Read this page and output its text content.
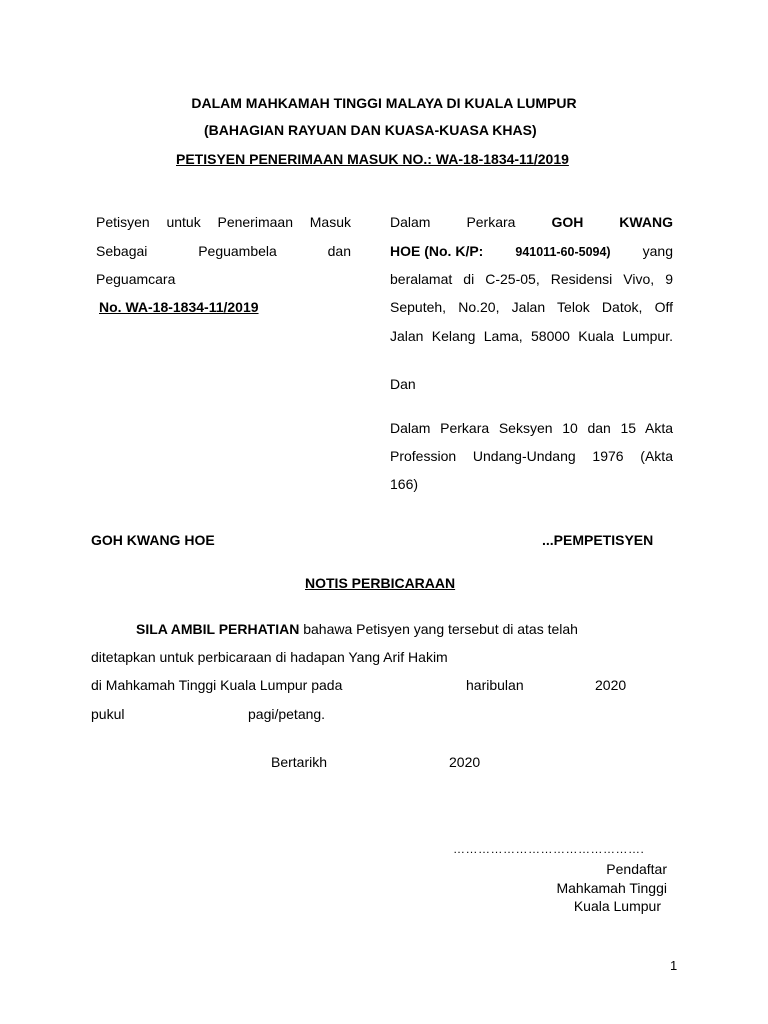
DALAM MAHKAMAH TINGGI MALAYA DI KUALA LUMPUR
(BAHAGIAN RAYUAN DAN KUASA-KUASA KHAS)
PETISYEN PENERIMAAN MASUK NO.: WA-18-1834-11/2019
Petisyen untuk Penerimaan Masuk
Sebagai	Peguambela	dan
Peguamcara
No. WA-18-1834-11/2019
Dalam	Perkara	GOH	KWANG
HOE (No. K/P:	941011-60-5094) yang
beralamat di C-25-05, Residensi Vivo, 9
Seputeh, No.20, Jalan Telok Datok, Off
Jalan Kelang Lama, 58000 Kuala Lumpur.
Dan
Dalam Perkara Seksyen 10 dan 15 Akta
Profession Undang-Undang 1976 (Akta
166)
GOH KWANG HOE	...PEMPETISYEN
NOTIS PERBICARAAN
SILA AMBIL PERHATIAN bahawa Petisyen yang tersebut di atas telah
ditetapkan untuk perbicaraan di hadapan Yang Arif Hakim
di Mahkamah Tinggi Kuala Lumpur pada	haribulan	2020
pukul	pagi/petang.
Bertarikh	2020
……………………………………….
Pendaftar
Mahkamah Tinggi
Kuala Lumpur
1
